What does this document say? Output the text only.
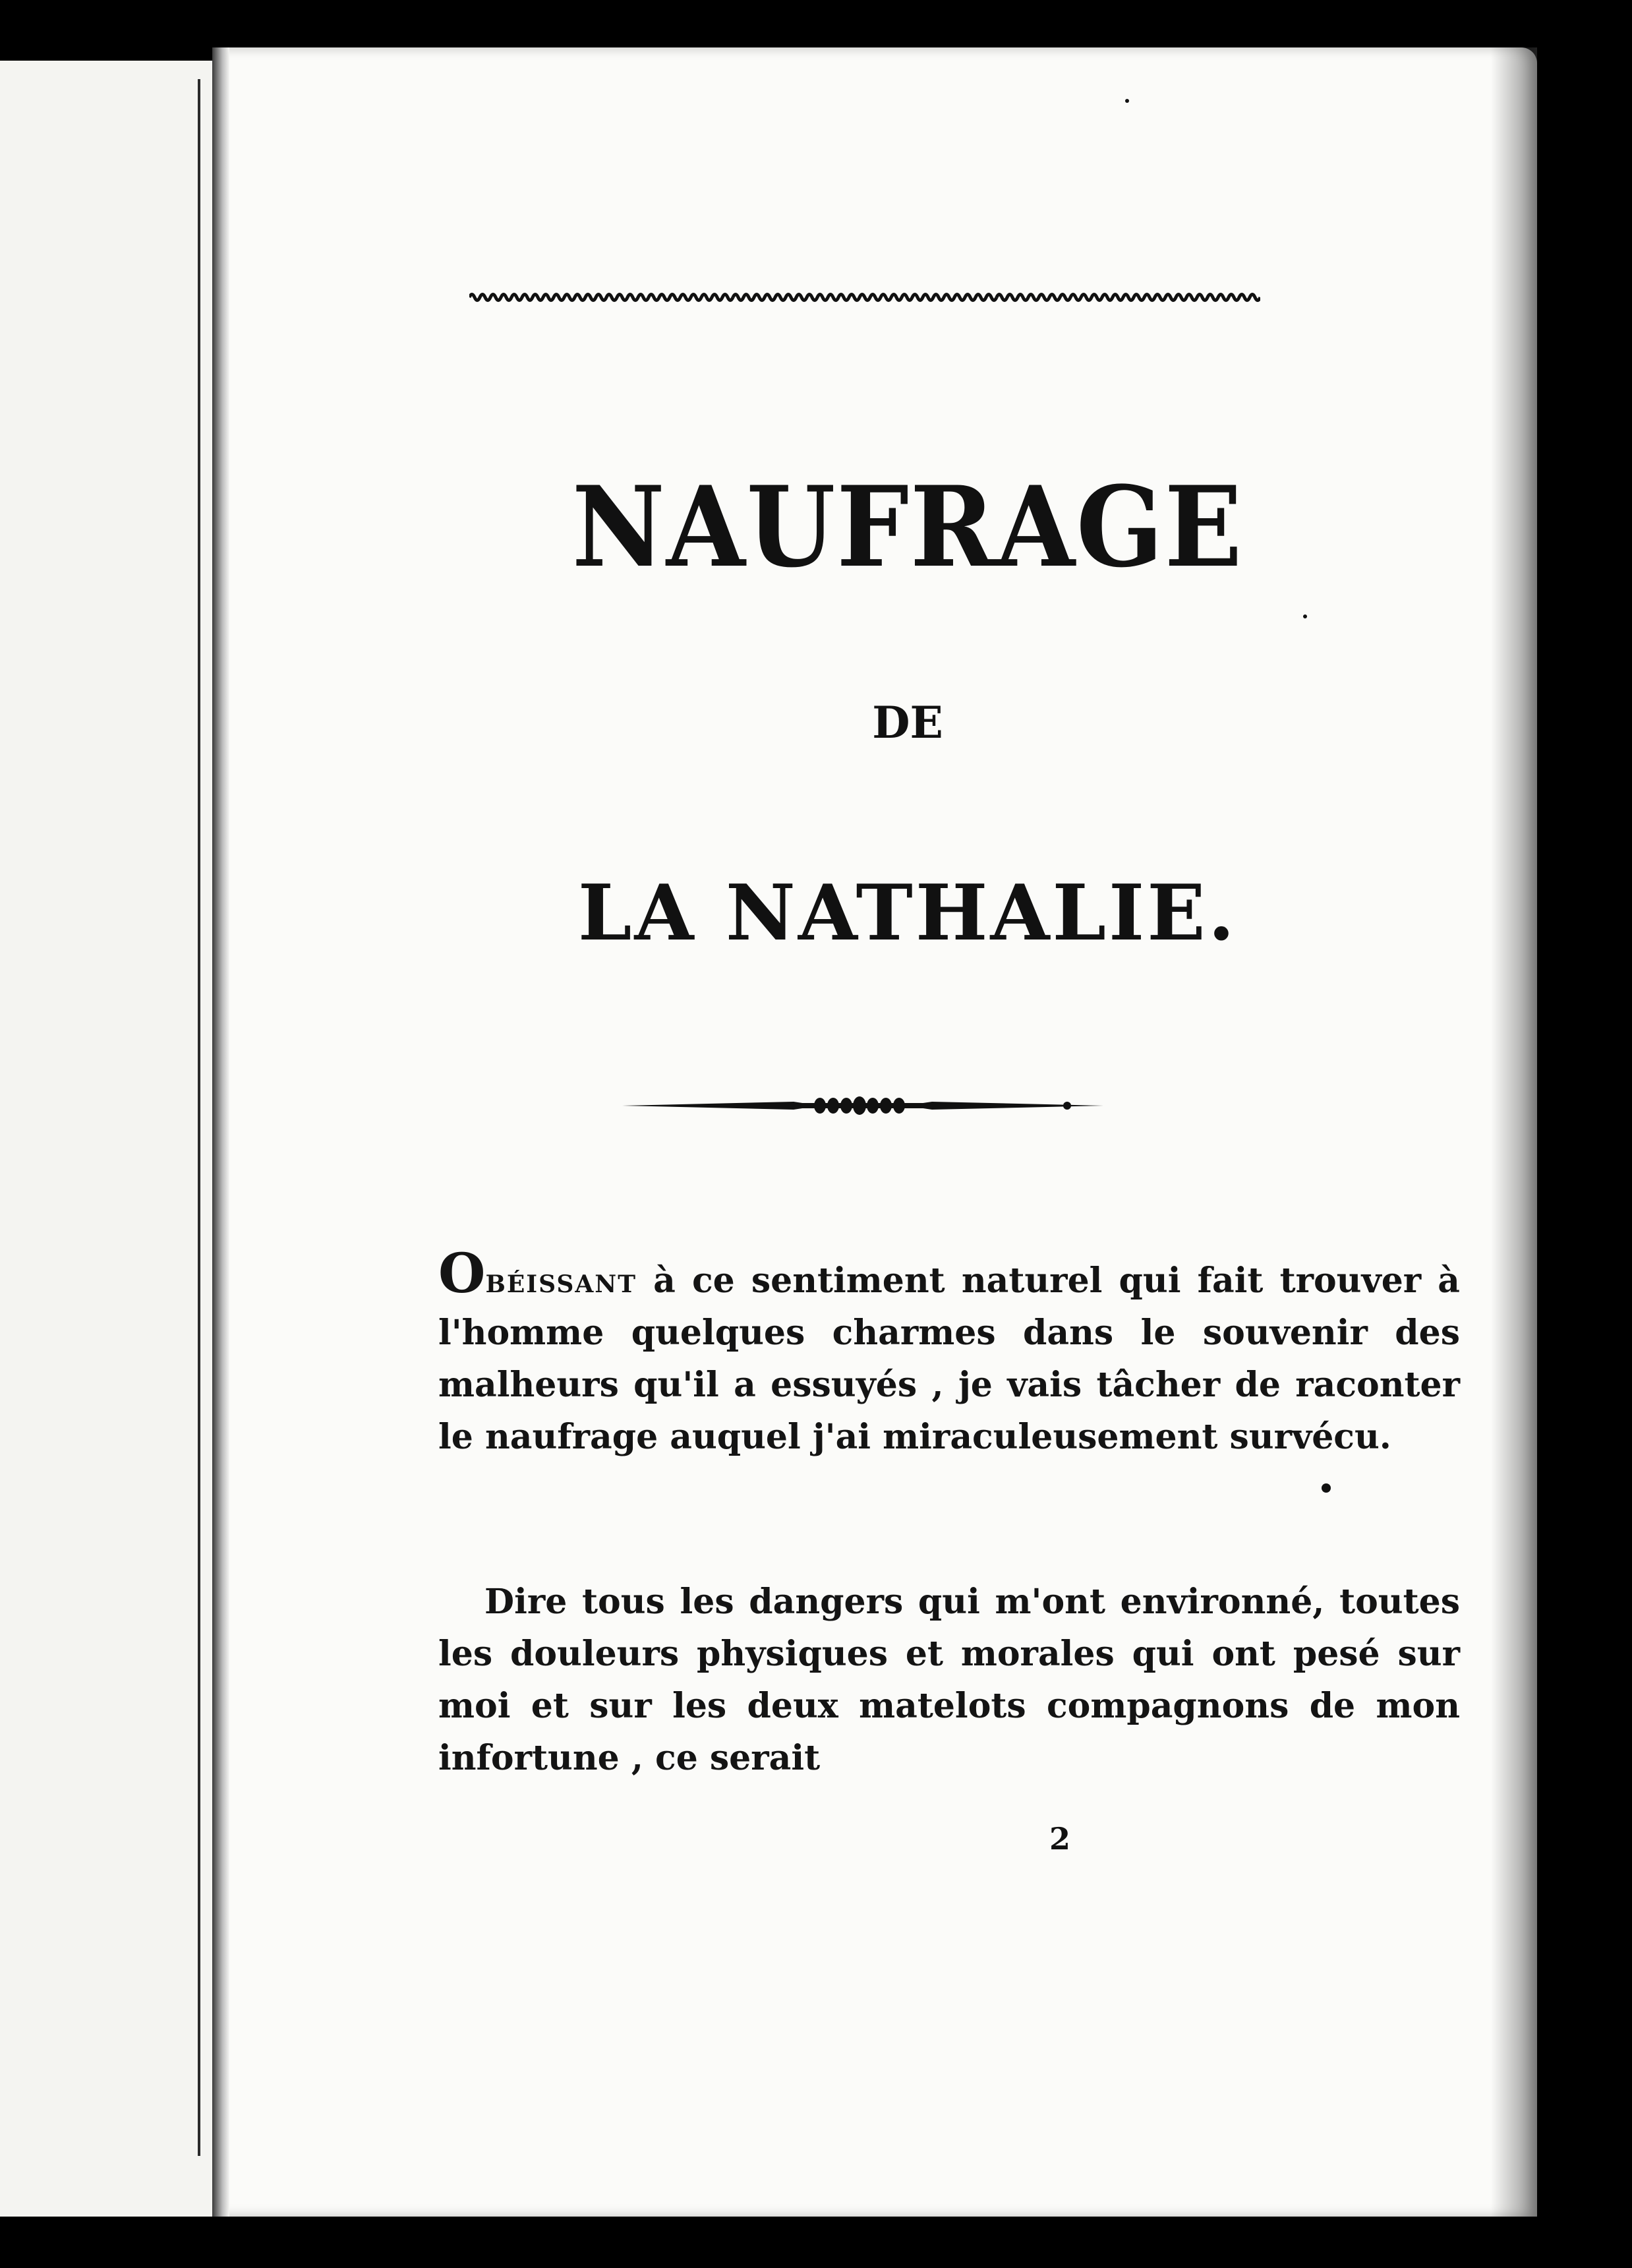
NAUFRAGE
DE
LA NATHALIE.

Obéissant à ce sentiment naturel qui fait trouver à l'homme quelques charmes dans le souvenir des malheurs qu'il a essuyés , je vais tâcher de raconter le naufrage auquel j'ai miraculeusement survécu.

Dire tous les dangers qui m'ont environné, toutes les douleurs physiques et morales qui ont pesé sur moi et sur les deux matelots compagnons de mon infortune , ce serait

2
